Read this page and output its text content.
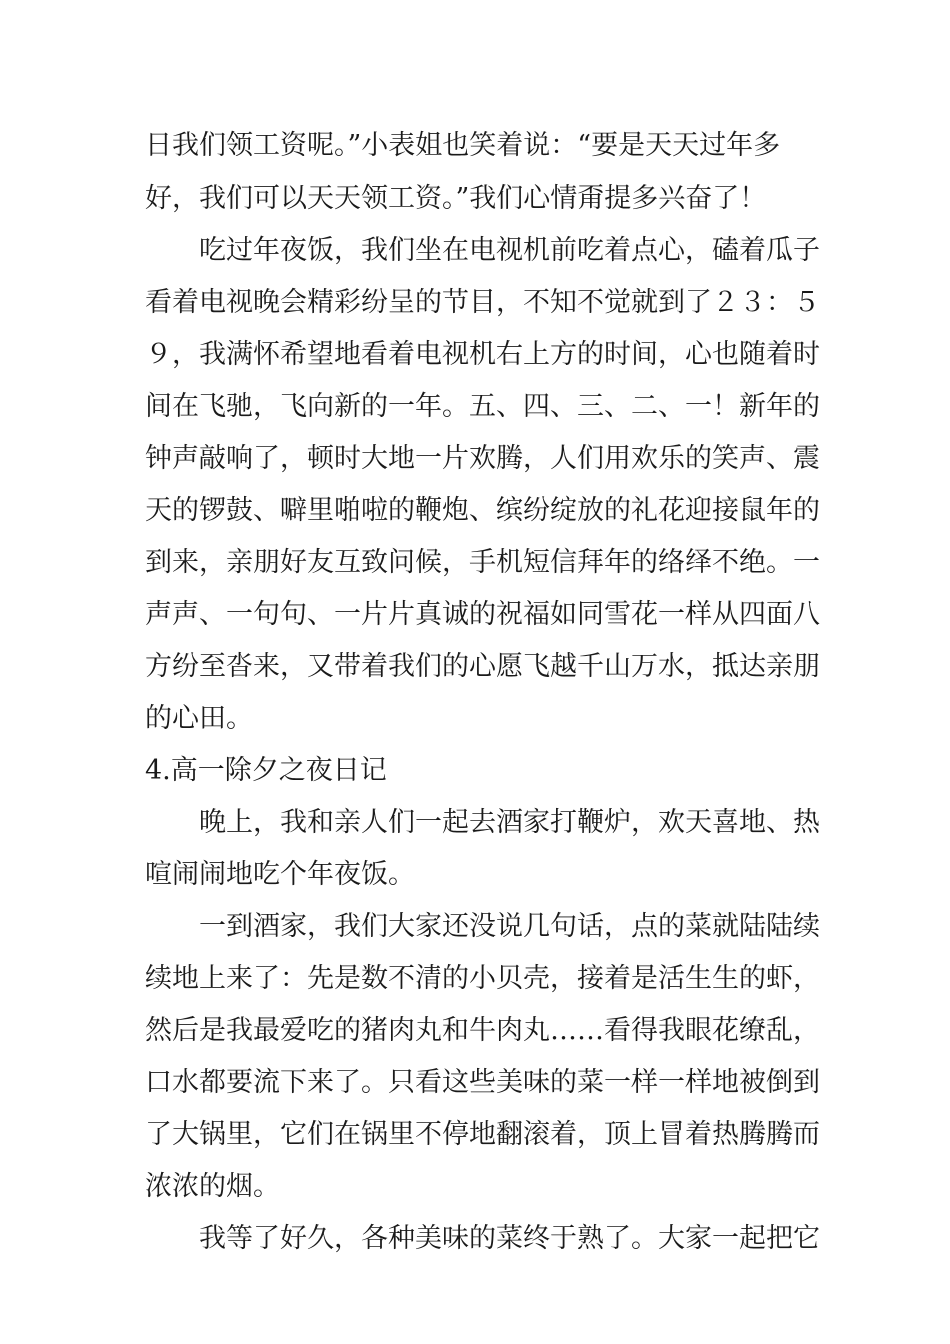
日我们领工资呢。”小表姐也笑着说：“要是天天过年多
好，我们可以天天领工资。”我们心情甭提多兴奋了！
　　吃过年夜饭，我们坐在电视机前吃着点心，磕着瓜子
看着电视晚会精彩纷呈的节目，不知不觉就到了２３：５
９，我满怀希望地看着电视机右上方的时间，心也随着时
间在飞驰，飞向新的一年。五、四、三、二、一！新年的
钟声敲响了，顿时大地一片欢腾，人们用欢乐的笑声、震
天的锣鼓、噼里啪啦的鞭炮、缤纷绽放的礼花迎接鼠年的
到来，亲朋好友互致问候，手机短信拜年的络绎不绝。一
声声、一句句、一片片真诚的祝福如同雪花一样从四面八
方纷至沓来，又带着我们的心愿飞越千山万水，抵达亲朋
的心田。
4.高一除夕之夜日记
　　晚上，我和亲人们一起去酒家打鞭炉，欢天喜地、热
喧闹闹地吃个年夜饭。
　　一到酒家，我们大家还没说几句话，点的菜就陆陆续
续地上来了：先是数不清的小贝壳，接着是活生生的虾，
然后是我最爱吃的猪肉丸和牛肉丸……看得我眼花缭乱，
口水都要流下来了。只看这些美味的菜一样一样地被倒到
了大锅里，它们在锅里不停地翻滚着，顶上冒着热腾腾而
浓浓的烟。
　　我等了好久，各种美味的菜终于熟了。大家一起把它
